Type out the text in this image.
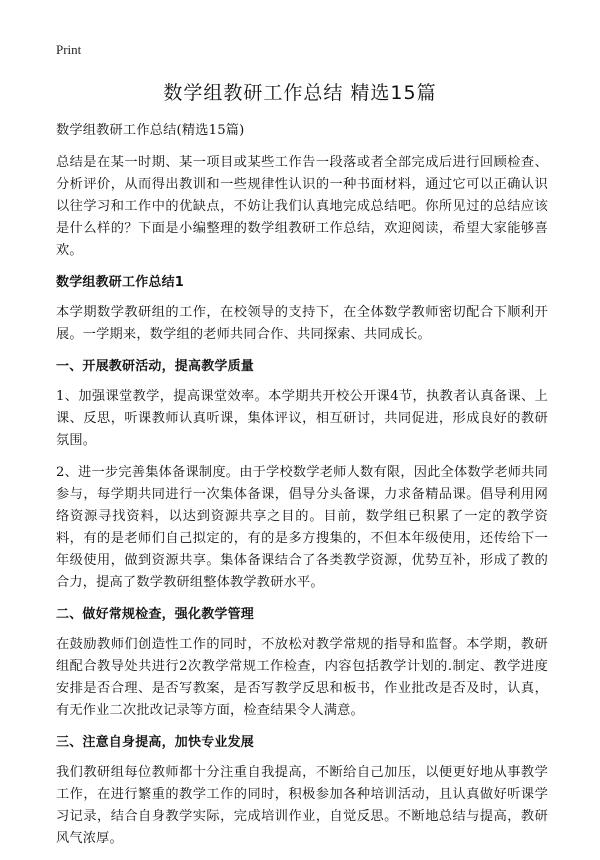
Print
数学组教研工作总结 精选15篇

数学组教研工作总结(精选15篇)

总结是在某一时期、某一项目或某些工作告一段落或者全部完成后进行回顾检查、分析评价，从而得出教训和一些规律性认识的一种书面材料，通过它可以正确认识以往学习和工作中的优缺点，不妨让我们认真地完成总结吧。你所见过的总结应该是什么样的？下面是小编整理的数学组教研工作总结，欢迎阅读，希望大家能够喜欢。

数学组教研工作总结1

本学期数学教研组的工作，在校领导的支持下，在全体数学教师密切配合下顺利开展。一学期来，数学组的老师共同合作、共同探索、共同成长。

一、开展教研活动，提高教学质量

1、加强课堂教学，提高课堂效率。本学期共开校公开课4节，执教者认真备课、上课、反思，听课教师认真听课，集体评议，相互研讨，共同促进，形成良好的教研氛围。

2、进一步完善集体备课制度。由于学校数学老师人数有限，因此全体数学老师共同参与，每学期共同进行一次集体备课，倡导分头备课，力求备精品课。倡导利用网络资源寻找资料，以达到资源共享之目的。目前，数学组已积累了一定的教学资料，有的是老师们自己拟定的，有的是多方搜集的，不但本年级使用，还传给下一年级使用，做到资源共享。集体备课结合了各类教学资源，优势互补，形成了教的合力，提高了数学教研组整体教学教研水平。

二、做好常规检查，强化教学管理

在鼓励教师们创造性工作的同时，不放松对教学常规的指导和监督。本学期，教研组配合教导处共进行2次教学常规工作检查，内容包括教学计划的.制定、教学进度安排是否合理、是否写教案，是否写教学反思和板书，作业批改是否及时，认真，有无作业二次批改记录等方面，检查结果令人满意。

三、注意自身提高，加快专业发展

我们教研组每位教师都十分注重自我提高，不断给自己加压，以便更好地从事教学工作，在进行繁重的教学工作的同时，积极参加各种培训活动，且认真做好听课学习记录，结合自身教学实际，完成培训作业，自觉反思。不断地总结与提高，教研风气浓厚。
